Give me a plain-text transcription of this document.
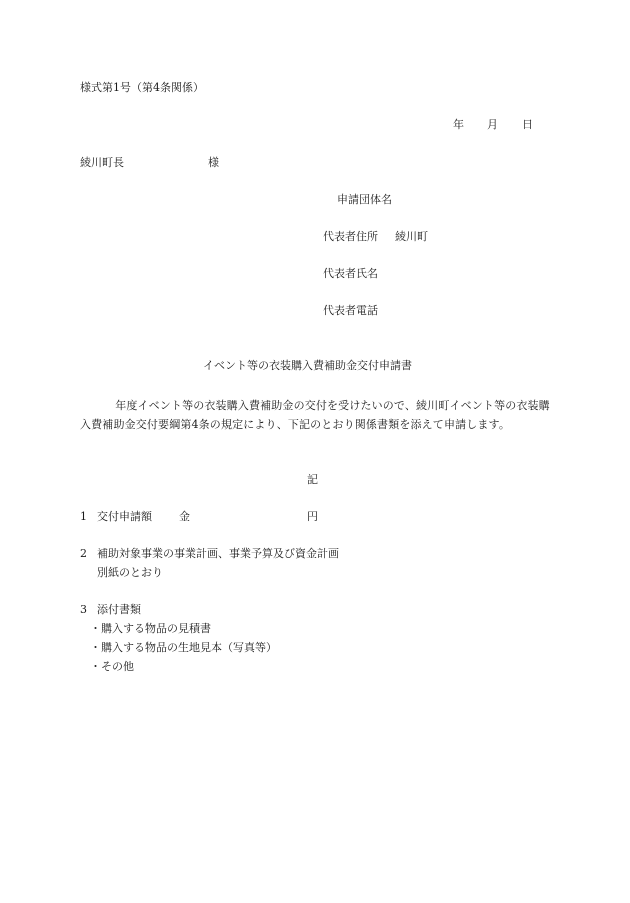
様式第1号（第4条関係）
年 月 日
綾川町長	様
申請団体名
代表者住所 綾川町
代表者氏名
代表者電話
イベント等の衣装購入費補助金交付申請書
年度イベント等の衣装購入費補助金の交付を受けたいので、綾川町イベント等の衣装購入費補助金交付要綱第4条の規定により、下記のとおり関係書類を添えて申請します。
記
1 交付申請額 金	円
2 補助対象事業の事業計画、事業予算及び資金計画
別紙のとおり
3 添付書類
・購入する物品の見積書
・購入する物品の生地見本（写真等）
・その他
